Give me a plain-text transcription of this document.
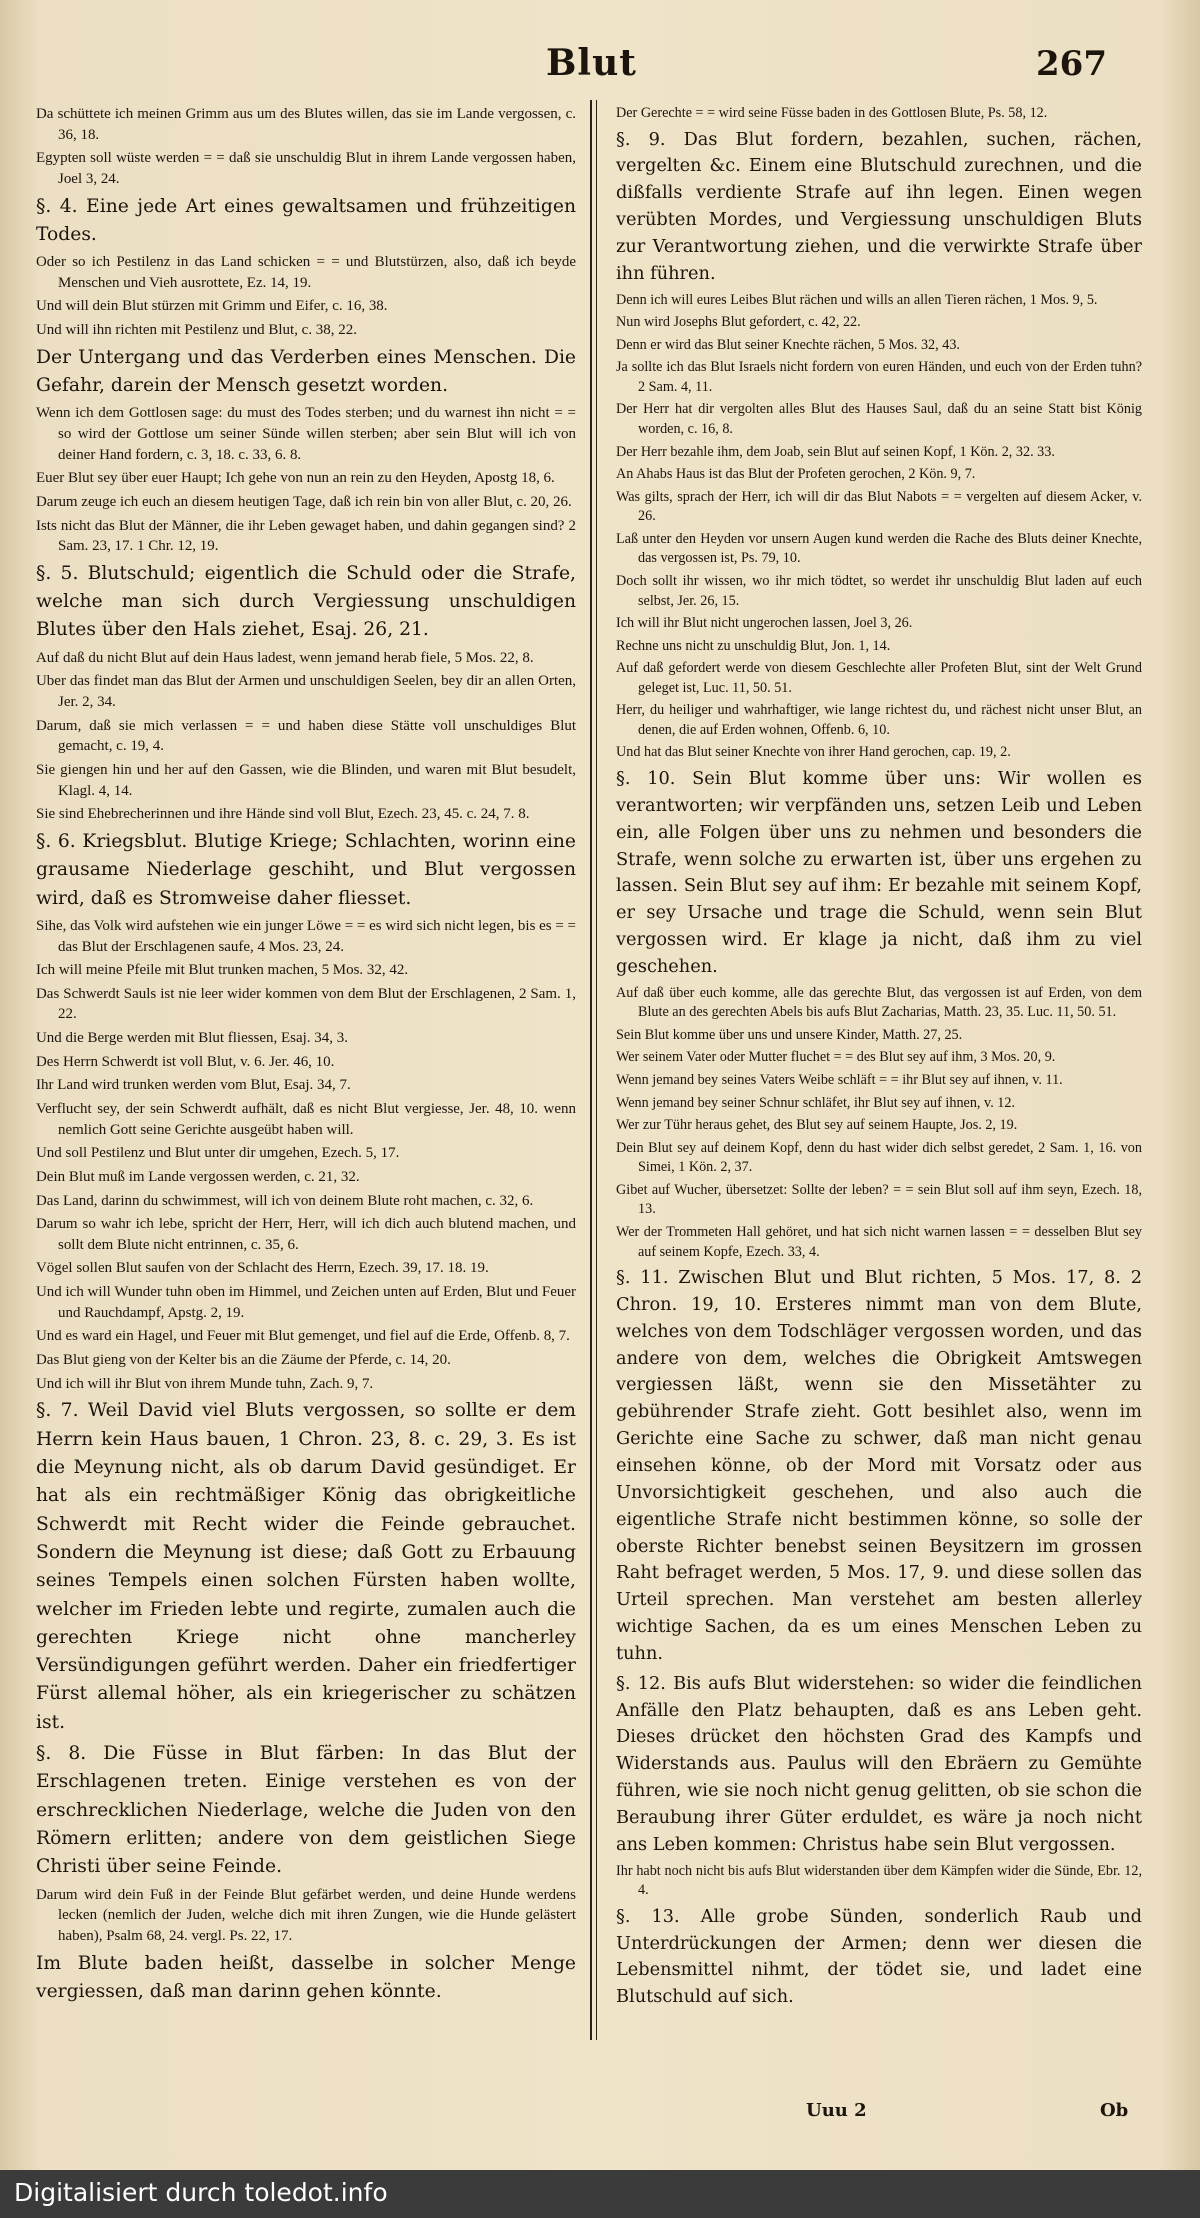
Blut	267
Da schüttete ich meinen Grimm aus um des Blutes willen, das sie im Lande vergossen, c. 36, 18.
Egypten soll wüste werden = = daß sie unschuldig Blut in ihrem Lande vergossen haben, Joel 3, 24.
§. 4. Eine jede Art eines gewaltsamen und frühzeitigen Todes.
Oder so ich Pestilenz in das Land schicken = = und Blutstürzen, also, daß ich beyde Menschen und Vieh ausrottete, Ez. 14, 19.
Und will dein Blut stürzen mit Grimm und Eifer, c. 16, 38.
Und will ihn richten mit Pestilenz und Blut, c. 38, 22.
Der Untergang und das Verderben eines Menschen. Die Gefahr, darein der Mensch gesetzt worden.
Wenn ich dem Gottlosen sage: du must des Todes sterben; und du warnest ihn nicht = = so wird der Gottlose um seiner Sünde willen sterben; aber sein Blut will ich von deiner Hand fordern, c. 3, 18. c. 33, 6. 8.
Euer Blut sey über euer Haupt; Ich gehe von nun an rein zu den Heyden, Apostg 18, 6.
Darum zeuge ich euch an diesem heutigen Tage, daß ich rein bin von aller Blut, c. 20, 26.
Ists nicht das Blut der Männer, die ihr Leben gewaget haben, und dahin gegangen sind? 2 Sam. 23, 17. 1 Chr. 12, 19.
§. 5. Blutschuld; eigentlich die Schuld oder die Strafe, welche man sich durch Vergiessung unschuldigen Blutes über den Hals ziehet, Esaj. 26, 21.
Auf daß du nicht Blut auf dein Haus ladest, wenn jemand herab fiele, 5 Mos. 22, 8.
Uber das findet man das Blut der Armen und unschuldigen Seelen, bey dir an allen Orten, Jer. 2, 34.
Darum, daß sie mich verlassen = = und haben diese Stätte voll unschuldiges Blut gemacht, c. 19, 4.
Sie giengen hin und her auf den Gassen, wie die Blinden, und waren mit Blut besudelt, Klagl. 4, 14.
Sie sind Ehebrecherinnen und ihre Hände sind voll Blut, Ezech. 23, 45. c. 24, 7. 8.
§. 6. Kriegsblut. Blutige Kriege; Schlachten, worinn eine grausame Niederlage geschiht, und Blut vergossen wird, daß es Stromweise daher fliesset.
Sihe, das Volk wird aufstehen wie ein junger Löwe = = es wird sich nicht legen, bis es = = das Blut der Erschlagenen saufe, 4 Mos. 23, 24.
Ich will meine Pfeile mit Blut trunken machen, 5 Mos. 32, 42.
Das Schwerdt Sauls ist nie leer wider kommen von dem Blut der Erschlagenen, 2 Sam. 1, 22.
Und die Berge werden mit Blut fliessen, Esaj. 34, 3.
Des Herrn Schwerdt ist voll Blut, v. 6. Jer. 46, 10.
Ihr Land wird trunken werden vom Blut, Esaj. 34, 7.
Verflucht sey, der sein Schwerdt aufhält, daß es nicht Blut vergiesse, Jer. 48, 10. wenn nemlich Gott seine Gerichte ausgeübt haben will.
Und soll Pestilenz und Blut unter dir umgehen, Ezech. 5, 17.
Dein Blut muß im Lande vergossen werden, c. 21, 32.
Das Land, darinn du schwimmest, will ich von deinem Blute roht machen, c. 32, 6.
Darum so wahr ich lebe, spricht der Herr, Herr, will ich dich auch blutend machen, und sollt dem Blute nicht entrinnen, c. 35, 6.
Vögel sollen Blut saufen von der Schlacht des Herrn, Ezech. 39, 17. 18. 19.
Und ich will Wunder tuhn oben im Himmel, und Zeichen unten auf Erden, Blut und Feuer und Rauchdampf, Apstg. 2, 19.
Und es ward ein Hagel, und Feuer mit Blut gemenget, und fiel auf die Erde, Offenb. 8, 7.
Das Blut gieng von der Kelter bis an die Zäume der Pferde, c. 14, 20.
Und ich will ihr Blut von ihrem Munde tuhn, Zach. 9, 7.
§. 7. Weil David viel Bluts vergossen, so sollte er dem Herrn kein Haus bauen, 1 Chron. 23, 8. c. 29, 3. Es ist die Meynung nicht, als ob darum David gesündiget. Er hat als ein rechtmäßiger König das obrigkeitliche Schwerdt mit Recht wider die Feinde gebrauchet. Sondern die Meynung ist diese; daß Gott zu Erbauung seines Tempels einen solchen Fürsten haben wollte, welcher im Frieden lebte und regirte, zumalen auch die gerechten Kriege nicht ohne mancherley Versündigungen geführt werden. Daher ein friedfertiger Fürst allemal höher, als ein kriegerischer zu schätzen ist.
§. 8. Die Füsse in Blut färben: In das Blut der Erschlagenen treten. Einige verstehen es von der erschrecklichen Niederlage, welche die Juden von den Römern erlitten; andere von dem geistlichen Siege Christi über seine Feinde.
Darum wird dein Fuß in der Feinde Blut gefärbet werden, und deine Hunde werdens lecken (nemlich der Juden, welche dich mit ihren Zungen, wie die Hunde gelästert haben), Psalm 68, 24. vergl. Ps. 22, 17.
Im Blute baden heißt, dasselbe in solcher Menge vergiessen, daß man darinn gehen könnte.
Der Gerechte = = wird seine Füsse baden in des Gottlosen Blute, Ps. 58, 12.
§. 9. Das Blut fordern, bezahlen, suchen, rächen, vergelten &c. Einem eine Blutschuld zurechnen, und die dißfalls verdiente Strafe auf ihn legen. Einen wegen verübten Mordes, und Vergiessung unschuldigen Bluts zur Verantwortung ziehen, und die verwirkte Strafe über ihn führen.
Denn ich will eures Leibes Blut rächen und wills an allen Tieren rächen, 1 Mos. 9, 5.
Nun wird Josephs Blut gefordert, c. 42, 22.
Denn er wird das Blut seiner Knechte rächen, 5 Mos. 32, 43.
Ja sollte ich das Blut Israels nicht fordern von euren Händen, und euch von der Erden tuhn? 2 Sam. 4, 11.
Der Herr hat dir vergolten alles Blut des Hauses Saul, daß du an seine Statt bist König worden, c. 16, 8.
Der Herr bezahle ihm, dem Joab, sein Blut auf seinen Kopf, 1 Kön. 2, 32. 33.
An Ahabs Haus ist das Blut der Profeten gerochen, 2 Kön. 9, 7.
Was gilts, sprach der Herr, ich will dir das Blut Nabots = = vergelten auf diesem Acker, v. 26.
Laß unter den Heyden vor unsern Augen kund werden die Rache des Bluts deiner Knechte, das vergossen ist, Ps. 79, 10.
Doch sollt ihr wissen, wo ihr mich tödtet, so werdet ihr unschuldig Blut laden auf euch selbst, Jer. 26, 15.
Ich will ihr Blut nicht ungerochen lassen, Joel 3, 26.
Rechne uns nicht zu unschuldig Blut, Jon. 1, 14.
Auf daß gefordert werde von diesem Geschlechte aller Profeten Blut, sint der Welt Grund geleget ist, Luc. 11, 50. 51.
Herr, du heiliger und wahrhaftiger, wie lange richtest du, und rächest nicht unser Blut, an denen, die auf Erden wohnen, Offenb. 6, 10.
Und hat das Blut seiner Knechte von ihrer Hand gerochen, cap. 19, 2.
§. 10. Sein Blut komme über uns: Wir wollen es verantworten; wir verpfänden uns, setzen Leib und Leben ein, alle Folgen über uns zu nehmen und besonders die Strafe, wenn solche zu erwarten ist, über uns ergehen zu lassen. Sein Blut sey auf ihm: Er bezahle mit seinem Kopf, er sey Ursache und trage die Schuld, wenn sein Blut vergossen wird. Er klage ja nicht, daß ihm zu viel geschehen.
Auf daß über euch komme, alle das gerechte Blut, das vergossen ist auf Erden, von dem Blute an des gerechten Abels bis aufs Blut Zacharias, Matth. 23, 35. Luc. 11, 50. 51.
Sein Blut komme über uns und unsere Kinder, Matth. 27, 25.
Wer seinem Vater oder Mutter fluchet = = des Blut sey auf ihm, 3 Mos. 20, 9.
Wenn jemand bey seines Vaters Weibe schläft = = ihr Blut sey auf ihnen, v. 11.
Wenn jemand bey seiner Schnur schläfet, ihr Blut sey auf ihnen, v. 12.
Wer zur Tühr heraus gehet, des Blut sey auf seinem Haupte, Jos. 2, 19.
Dein Blut sey auf deinem Kopf, denn du hast wider dich selbst geredet, 2 Sam. 1, 16. von Simei, 1 Kön. 2, 37.
Gibet auf Wucher, übersetzet: Sollte der leben? = = sein Blut soll auf ihm seyn, Ezech. 18, 13.
Wer der Trommeten Hall gehöret, und hat sich nicht warnen lassen = = desselben Blut sey auf seinem Kopfe, Ezech. 33, 4.
§. 11. Zwischen Blut und Blut richten, 5 Mos. 17, 8. 2 Chron. 19, 10. Ersteres nimmt man von dem Blute, welches von dem Todschläger vergossen worden, und das andere von dem, welches die Obrigkeit Amtswegen vergiessen läßt, wenn sie den Missetähter zu gebührender Strafe zieht. Gott besihlet also, wenn im Gerichte eine Sache zu schwer, daß man nicht genau einsehen könne, ob der Mord mit Vorsatz oder aus Unvorsichtigkeit geschehen, und also auch die eigentliche Strafe nicht bestimmen könne, so solle der oberste Richter benebst seinen Beysitzern im grossen Raht befraget werden, 5 Mos. 17, 9. und diese sollen das Urteil sprechen. Man verstehet am besten allerley wichtige Sachen, da es um eines Menschen Leben zu tuhn.
§. 12. Bis aufs Blut widerstehen: so wider die feindlichen Anfälle den Platz behaupten, daß es ans Leben geht. Dieses drücket den höchsten Grad des Kampfs und Widerstands aus. Paulus will den Ebräern zu Gemühte führen, wie sie noch nicht genug gelitten, ob sie schon die Beraubung ihrer Güter erduldet, es wäre ja noch nicht ans Leben kommen: Christus habe sein Blut vergossen.
Ihr habt noch nicht bis aufs Blut widerstanden über dem Kämpfen wider die Sünde, Ebr. 12, 4.
§. 13. Alle grobe Sünden, sonderlich Raub und Unterdrückungen der Armen; denn wer diesen die Lebensmittel nihmt, der tödet sie, und ladet eine Blutschuld auf sich.
Uuu 2	Ob
Digitalisiert durch toledot.info
